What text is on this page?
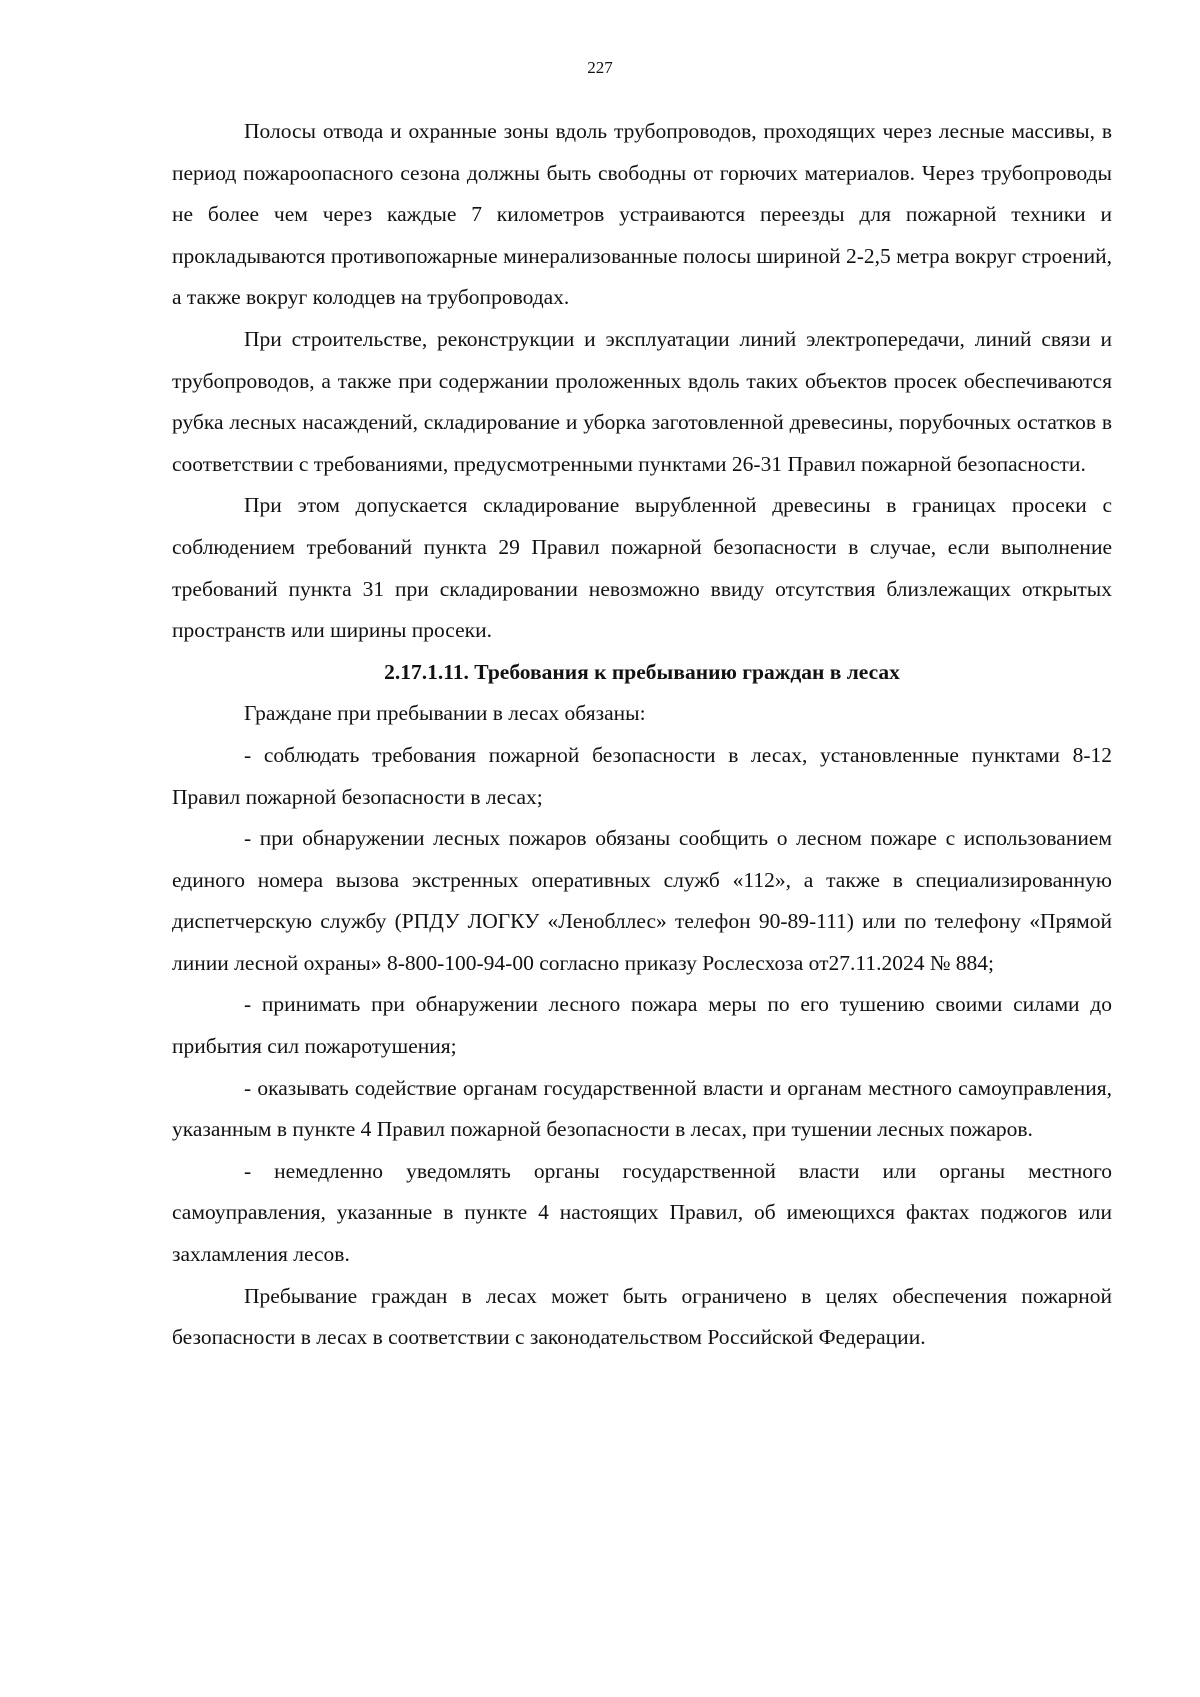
227

Полосы отвода и охранные зоны вдоль трубопроводов, проходящих через лесные массивы, в период пожароопасного сезона должны быть свободны от горючих материалов. Через трубопроводы не более чем через каждые 7 километров устраиваются переезды для пожарной техники и прокладываются противопожарные минерализованные полосы шириной 2-2,5 метра вокруг строений, а также вокруг колодцев на трубопроводах.

При строительстве, реконструкции и эксплуатации линий электропередачи, линий связи и трубопроводов, а также при содержании проложенных вдоль таких объектов просек обеспечиваются рубка лесных насаждений, складирование и уборка заготовленной древесины, порубочных остатков в соответствии с требованиями, предусмотренными пунктами 26-31 Правил пожарной безопасности.

При этом допускается складирование вырубленной древесины в границах просеки с соблюдением требований пункта 29 Правил пожарной безопасности в случае, если выполнение требований пункта 31 при складировании невозможно ввиду отсутствия близлежащих открытых пространств или ширины просеки.

2.17.1.11. Требования к пребыванию граждан в лесах

Граждане при пребывании в лесах обязаны:

- соблюдать требования пожарной безопасности в лесах, установленные пунктами 8-12 Правил пожарной безопасности в лесах;

- при обнаружении лесных пожаров обязаны сообщить о лесном пожаре с использованием единого номера вызова экстренных оперативных служб «112», а также в специализированную диспетчерскую службу (РПДУ ЛОГКУ «Ленобллес» телефон 90-89-111) или по телефону «Прямой линии лесной охраны» 8-800-100-94-00 согласно приказу Рослесхоза от27.11.2024 № 884;

- принимать при обнаружении лесного пожара меры по его тушению своими силами до прибытия сил пожаротушения;

- оказывать содействие органам государственной власти и органам местного самоуправления, указанным в пункте 4 Правил пожарной безопасности в лесах, при тушении лесных пожаров.

- немедленно уведомлять органы государственной власти или органы местного самоуправления, указанные в пункте 4 настоящих Правил, об имеющихся фактах поджогов или захламления лесов.

Пребывание граждан в лесах может быть ограничено в целях обеспечения пожарной безопасности в лесах в соответствии с законодательством Российской Федерации.
